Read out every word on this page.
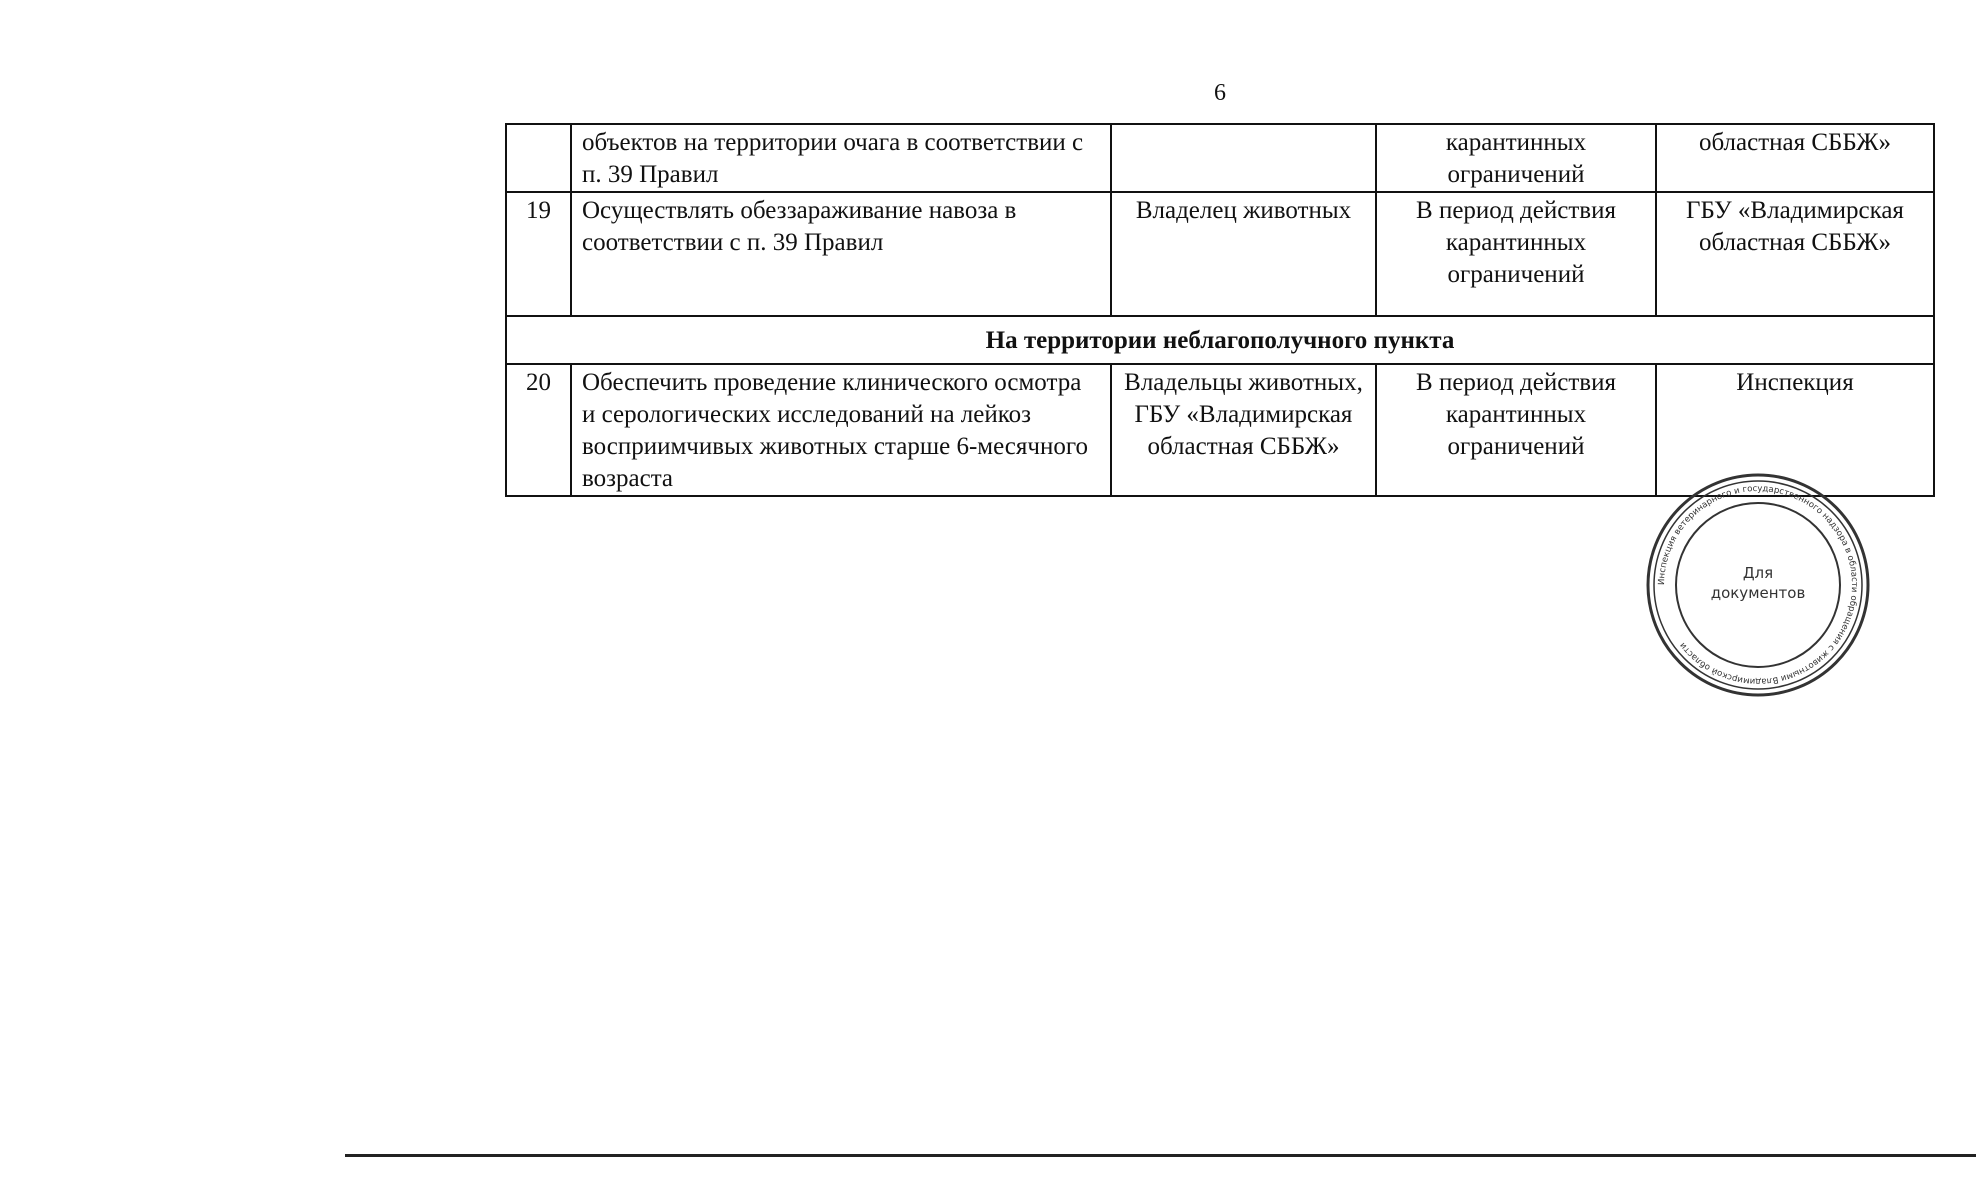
6
	объектов на территории очага в соответствии с п. 39 Правил		карантинных ограничений	областная СББЖ»
19	Осуществлять обеззараживание навоза в соответствии с п. 39 Правил	Владелец животных	В период действия карантинных ограничений	ГБУ «Владимирская областная СББЖ»
На территории неблагополучного пункта				
20	Обеспечить проведение клинического осмотра и серологических исследований на лейкоз восприимчивых животных старше 6-месячного возраста	Владельцы животных, ГБУ «Владимирская областная СББЖ»	В период действия карантинных ограничений	Инспекция
Инспекция ветеринарного и государственного надзора в области обращения с животными Владимирской области
Для
документов
